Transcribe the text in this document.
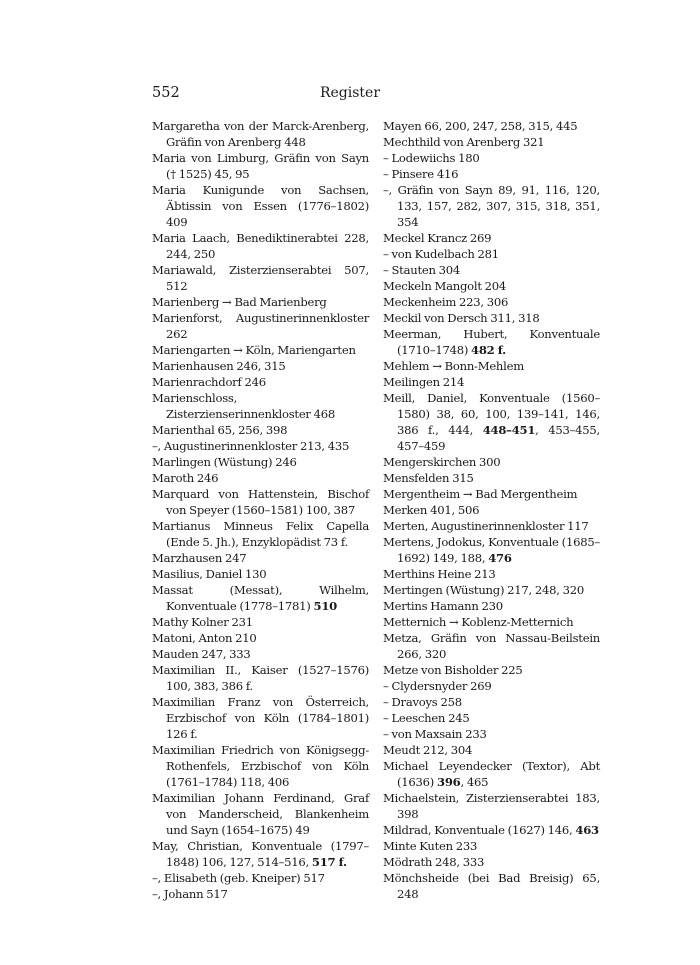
552	Register
Margaretha von der Marck-Arenberg, Gräfin von Arenberg 448
Maria von Limburg, Gräfin von Sayn († 1525) 45, 95
Maria Kunigunde von Sachsen, Äbtissin von Essen (1776–1802) 409
Maria Laach, Benediktinerabtei 228, 244, 250
Mariawald, Zisterzienserabtei 507, 512
Marienberg → Bad Marienberg
Marienforst, Augustinerinnenkloster 262
Mariengarten → Köln, Mariengarten
Marienhausen 246, 315
Marienrachdorf 246
Marienschloss, Zisterzienserinnenkloster 468
Marienthal 65, 256, 398
–, Augustinerinnenkloster 213, 435
Marlingen (Wüstung) 246
Maroth 246
Marquard von Hattenstein, Bischof von Speyer (1560–1581) 100, 387
Martianus Minneus Felix Capella (Ende 5. Jh.), Enzyklopädist 73 f.
Marzhausen 247
Masilius, Daniel 130
Massat (Messat), Wilhelm, Konventuale (1778–1781) 510
Mathy Kolner 231
Matoni, Anton 210
Mauden 247, 333
Maximilian II., Kaiser (1527–1576) 100, 383, 386 f.
Maximilian Franz von Österreich, Erzbischof von Köln (1784–1801) 126 f.
Maximilian Friedrich von Königsegg-Rothenfels, Erzbischof von Köln (1761–1784) 118, 406
Maximilian Johann Ferdinand, Graf von Manderscheid, Blankenheim und Sayn (1654–1675) 49
May, Christian, Konventuale (1797–1848) 106, 127, 514–516, 517 f.
–, Elisabeth (geb. Kneiper) 517
–, Johann 517
Mayen 66, 200, 247, 258, 315, 445
Mechthild von Arenberg 321
– Lodewiichs 180
– Pinsere 416
–, Gräfin von Sayn 89, 91, 116, 120, 133, 157, 282, 307, 315, 318, 351, 354
Meckel Krancz 269
– von Kudelbach 281
– Stauten 304
Meckeln Mangolt 204
Meckenheim 223, 306
Meckil von Dersch 311, 318
Meerman, Hubert, Konventuale (1710–1748) 482 f.
Mehlem → Bonn-Mehlem
Meilingen 214
Meill, Daniel, Konventuale (1560–1580) 38, 60, 100, 139–141, 146, 386 f., 444, 448–451, 453–455, 457–459
Mengerskirchen 300
Mensfelden 315
Mergentheim → Bad Mergentheim
Merken 401, 506
Merten, Augustinerinnenkloster 117
Mertens, Jodokus, Konventuale (1685–1692) 149, 188, 476
Merthins Heine 213
Mertingen (Wüstung) 217, 248, 320
Mertins Hamann 230
Metternich → Koblenz-Metternich
Metza, Gräfin von Nassau-Beilstein 266, 320
Metze von Bisholder 225
– Clydersnyder 269
– Dravoys 258
– Leeschen 245
– von Maxsain 233
Meudt 212, 304
Michael Leyendecker (Textor), Abt (1636) 396, 465
Michaelstein, Zisterzienserabtei 183, 398
Mildrad, Konventuale (1627) 146, 463
Minte Kuten 233
Mödrath 248, 333
Mönchsheide (bei Bad Breisig) 65, 248
